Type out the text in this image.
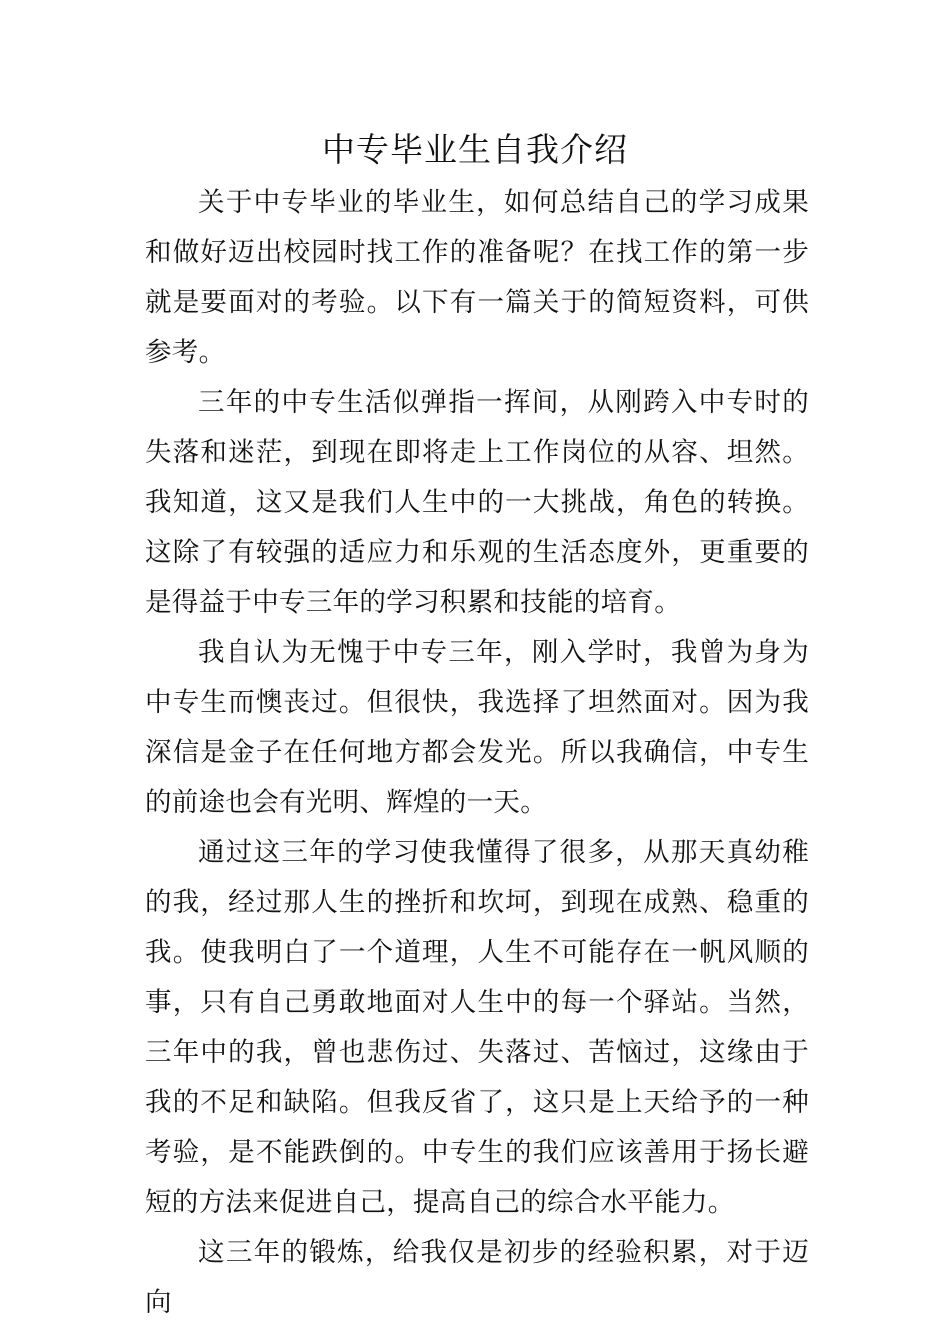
中专毕业生自我介绍

关于中专毕业的毕业生，如何总结自己的学习成果和做好迈出校园时找工作的准备呢？在找工作的第一步就是要面对的考验。以下有一篇关于的简短资料，可供参考。

三年的中专生活似弹指一挥间，从刚跨入中专时的失落和迷茫，到现在即将走上工作岗位的从容、坦然。我知道，这又是我们人生中的一大挑战，角色的转换。这除了有较强的适应力和乐观的生活态度外，更重要的是得益于中专三年的学习积累和技能的培育。

我自认为无愧于中专三年，刚入学时，我曾为身为中专生而懊丧过。但很快，我选择了坦然面对。因为我深信是金子在任何地方都会发光。所以我确信，中专生的前途也会有光明、辉煌的一天。

通过这三年的学习使我懂得了很多，从那天真幼稚的我，经过那人生的挫折和坎坷，到现在成熟、稳重的我。使我明白了一个道理，人生不可能存在一帆风顺的事，只有自己勇敢地面对人生中的每一个驿站。当然，三年中的我，曾也悲伤过、失落过、苦恼过，这缘由于我的不足和缺陷。但我反省了，这只是上天给予的一种考验，是不能跌倒的。中专生的我们应该善用于扬长避短的方法来促进自己，提高自己的综合水平能力。

这三年的锻炼，给我仅是初步的经验积累，对于迈向
